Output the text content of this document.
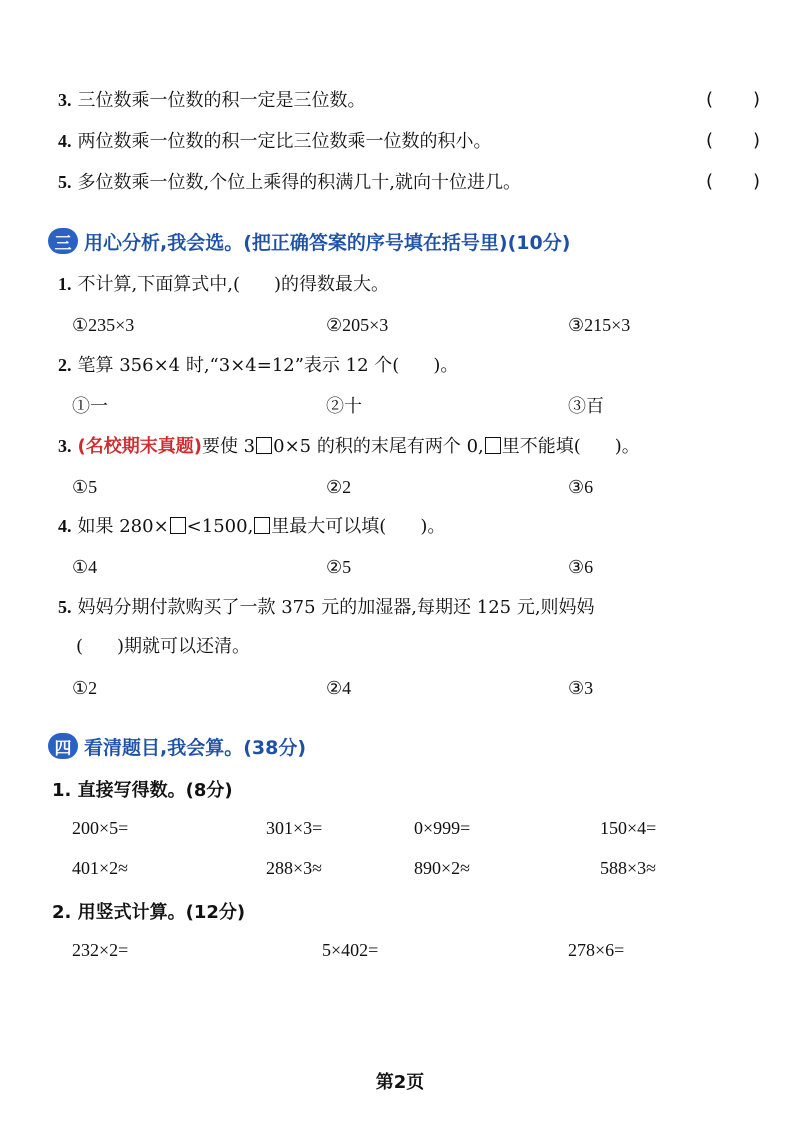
3. 三位数乘一位数的积一定是三位数。	( )
4. 两位数乘一位数的积一定比三位数乘一位数的积小。	( )
5. 多位数乘一位数,个位上乘得的积满几十,就向十位进几。	( )
三 用心分析,我会选。(把正确答案的序号填在括号里)(10分)
1. 不计算,下面算式中,( )的得数最大。
①235×3	②205×3	③215×3
2. 笔算 356×4 时,“3×4=12”表示 12 个( )。
①一	②十	③百
3. (名校期末真题)要使 3 0×5 的积的末尾有两个 0, 里不能填( )。
①5	②2	③6
4. 如果 280× <1500, 里最大可以填( )。
①4	②5	③6
5. 妈妈分期付款购买了一款 375 元的加湿器,每期还 125 元,则妈妈
( )期就可以还清。
①2	②4	③3
四 看清题目,我会算。(38分)
1. 直接写得数。(8分)
200×5=	301×3=	0×999=	150×4=
401×2≈	288×3≈	890×2≈	588×3≈
2. 用竖式计算。(12分)
232×2=	5×402=	278×6=
第2页
